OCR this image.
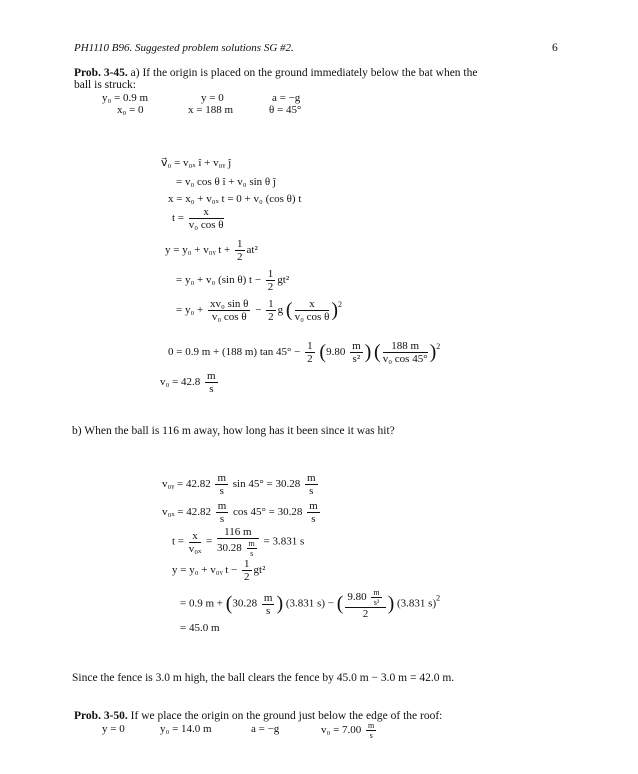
PH1110 B96. Suggested problem solutions SG #2.	6
Prob. 3-45. a) If the origin is placed on the ground immediately below the bat when the
ball is struck:
y₀ = 0.9 m	y = 0	a = −g
x₀ = 0	x = 188 m	θ = 45°
v⃗₀ = v₀ₓ î + v₀ᵧ ĵ
= v₀ cos θ î + v₀ sin θ ĵ
x = x₀ + v₀ₓ t = 0 + v₀ (cos θ) t
$t = \frac{x}{\text{v₀ cos θ}}$
y = y₀ + v₀ᵧ $t + \frac{1}{2} at^2$
= y₀ + v₀ (sin θ) $t - \frac{1}{2} gt^2$
= $y_0 + \frac{\text{xv₀ sin θ}}{\text{v₀ cos θ}} - \frac{1}{2}$ g ( $\frac{x}{\text{v₀ cos θ}} )^2$
0 = 0.9 m + (188 m) $\tan 45^\circ - \frac{1}{2} (9.80 \frac{m}{\text{s²}}$ ) ( $\frac{188 m}{\text{v₀ cos 45°}} )^2$
$v_0 = 42.8 \frac{m}{s}$
b) When the ball is 116 m away, how long has it been since it was hit?
v₀ᵧ = $42.82 \frac{m}{s}$ $\sin 45^\circ = 30.28 \frac{m}{s}$
$v_{0x} = 42.82 \frac{m}{s}$ $\cos 45^\circ = 30.28 \frac{m}{s}$
$t = \frac{x}{\text{v₀ₓ}} = \frac{116 m}{30.28 \frac{m}{s}} = 3.831$ s
y = y₀ + v₀ᵧ $t - \frac{1}{2} gt^2$
= 0.9 $m + (30.28 \frac{m}{s}$ ) (3.831 s) − ( $\frac{9.80 \frac{m}{\text{s²}}}{2}$ ) (3.831 s)$^2$
= 45.0 m
Since the fence is 3.0 m high, the ball clears the fence by 45.0 m − 3.0 m = 42.0 m.
Prob. 3-50. If we place the origin on the ground just below the edge of the roof:
y = 0	y₀ = 14.0 m	a = −g	$v_0 = 7.00 \frac{m}{s}$
